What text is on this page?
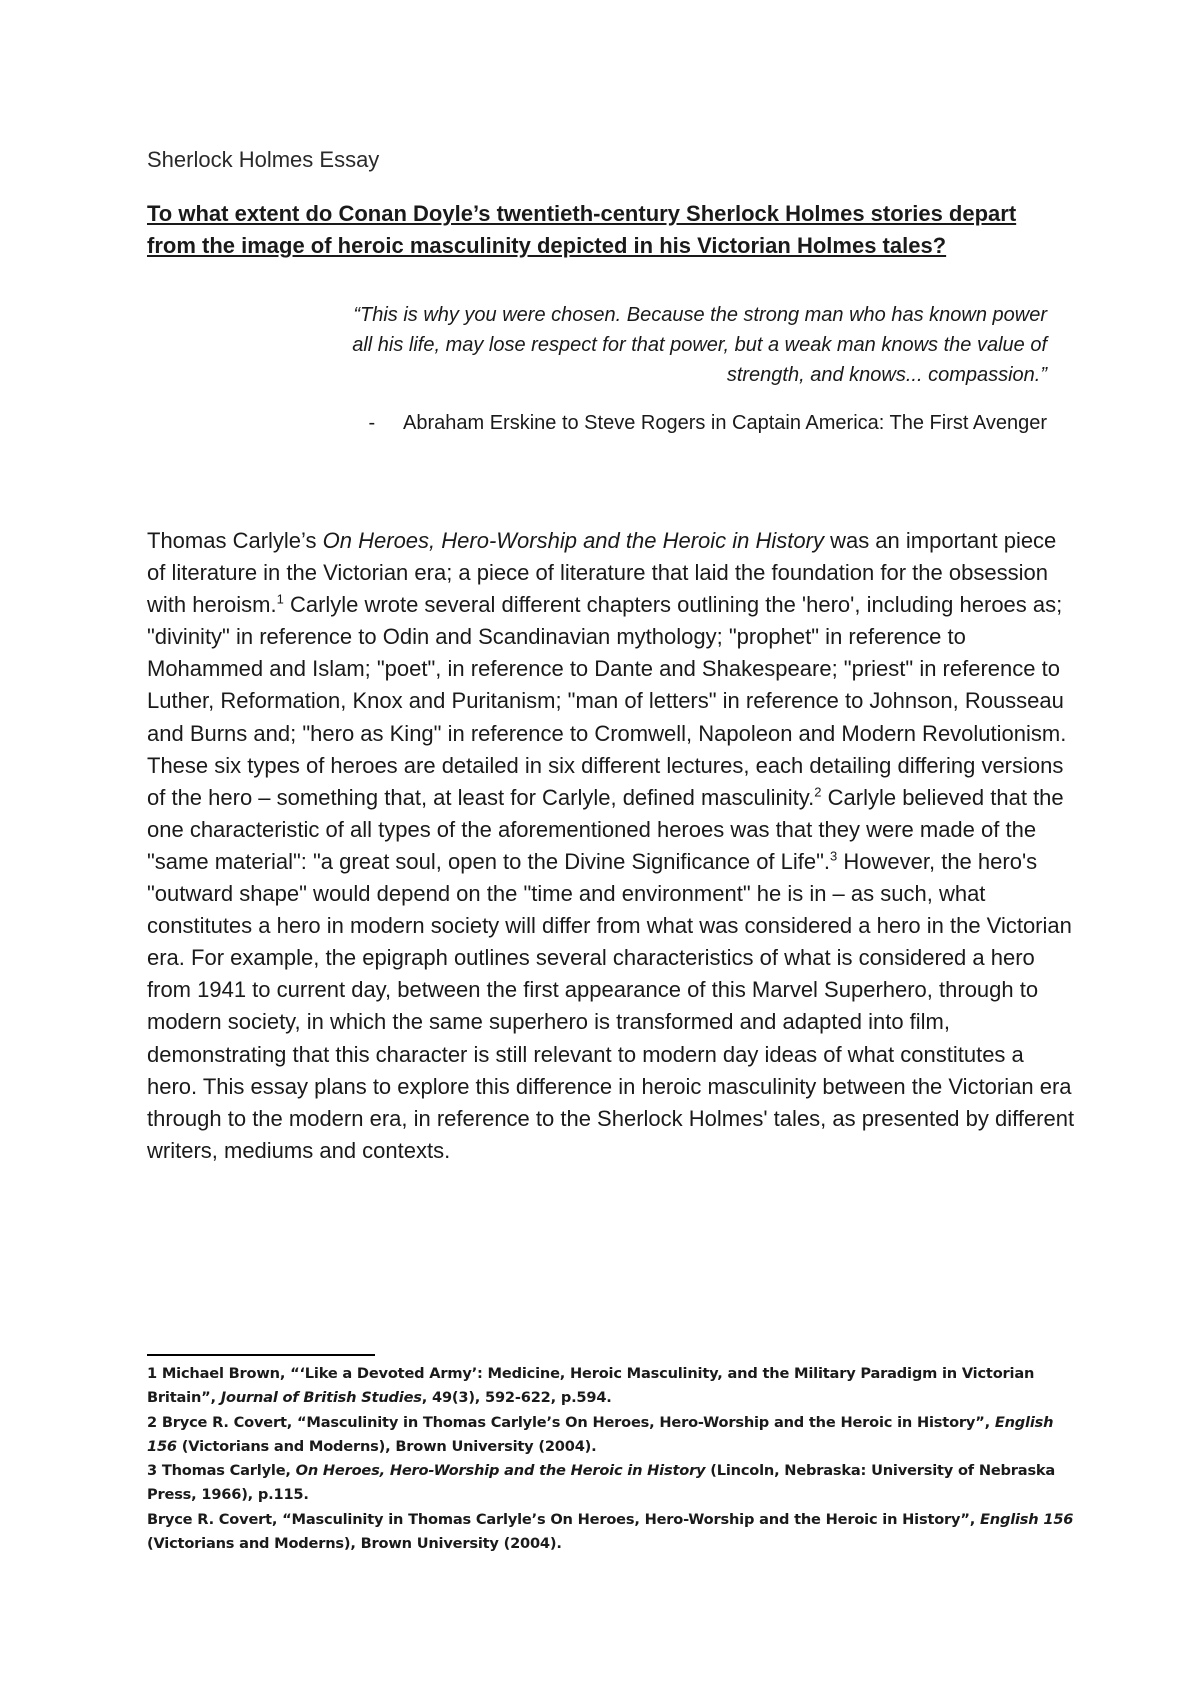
Sherlock Holmes Essay
To what extent do Conan Doyle’s twentieth-century Sherlock Holmes stories depart from the image of heroic masculinity depicted in his Victorian Holmes tales?
“This is why you were chosen. Because the strong man who has known power all his life, may lose respect for that power, but a weak man knows the value of strength, and knows... compassion.”
- Abraham Erskine to Steve Rogers in Captain America: The First Avenger
Thomas Carlyle’s On Heroes, Hero-Worship and the Heroic in History was an important piece of literature in the Victorian era; a piece of literature that laid the foundation for the obsession with heroism.$^1$ Carlyle wrote several different chapters outlining the 'hero', including heroes as; "divinity" in reference to Odin and Scandinavian mythology; "prophet" in reference to Mohammed and Islam; "poet", in reference to Dante and Shakespeare; "priest" in reference to Luther, Reformation, Knox and Puritanism; "man of letters" in reference to Johnson, Rousseau and Burns and; "hero as King" in reference to Cromwell, Napoleon and Modern Revolutionism. These six types of heroes are detailed in six different lectures, each detailing differing versions of the hero – something that, at least for Carlyle, defined masculinity.$^2$ Carlyle believed that the one characteristic of all types of the aforementioned heroes was that they were made of the "same material": "a great soul, open to the Divine Significance of Life".$^3$ However, the hero's "outward shape" would depend on the "time and environment" he is in – as such, what constitutes a hero in modern society will differ from what was considered a hero in the Victorian era. For example, the epigraph outlines several characteristics of what is considered a hero from 1941 to current day, between the first appearance of this Marvel Superhero, through to modern society, in which the same superhero is transformed and adapted into film, demonstrating that this character is still relevant to modern day ideas of what constitutes a hero. This essay plans to explore this difference in heroic masculinity between the Victorian era through to the modern era, in reference to the Sherlock Holmes' tales, as presented by different writers, mediums and contexts.

1 Michael Brown, “‘Like a Devoted Army’: Medicine, Heroic Masculinity, and the Military Paradigm in Victorian Britain”, Journal of British Studies, 49(3), 592-622, p.594.

2 Bryce R. Covert, “Masculinity in Thomas Carlyle’s On Heroes, Hero-Worship and the Heroic in History”, English 156 (Victorians and Moderns), Brown University (2004).

3 Thomas Carlyle, On Heroes, Hero-Worship and the Heroic in History (Lincoln, Nebraska: University of Nebraska Press, 1966), p.115.

Bryce R. Covert, “Masculinity in Thomas Carlyle’s On Heroes, Hero-Worship and the Heroic in History”, English 156 (Victorians and Moderns), Brown University (2004).
